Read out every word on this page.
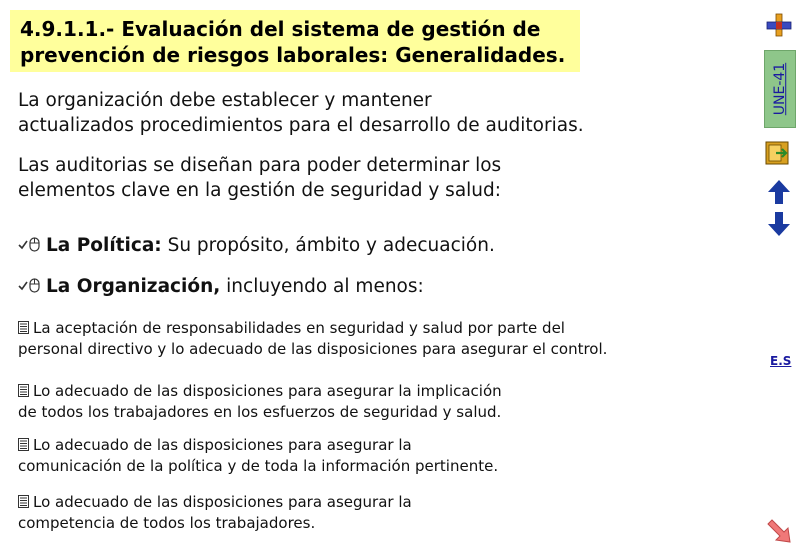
4.9.1.1.- Evaluación del sistema de gestión de
prevención de riesgos laborales: Generalidades.
La organización debe establecer y mantener
actualizados procedimientos para el desarrollo de auditorias.
Las auditorias se diseñan para poder determinar los
elementos clave en la gestión de seguridad y salud:
La Política: Su propósito, ámbito y adecuación.
La Organización, incluyendo al menos:
La aceptación de responsabilidades en seguridad y salud por parte del
personal directivo y lo adecuado de las disposiciones para asegurar el control.
Lo adecuado de las disposiciones para asegurar la implicación
de todos los trabajadores en los esfuerzos de seguridad y salud.
Lo adecuado de las disposiciones para asegurar la
comunicación de la política y de toda la información pertinente.
Lo adecuado de las disposiciones para asegurar la
competencia de todos los trabajadores.
UNE-41
E.S
